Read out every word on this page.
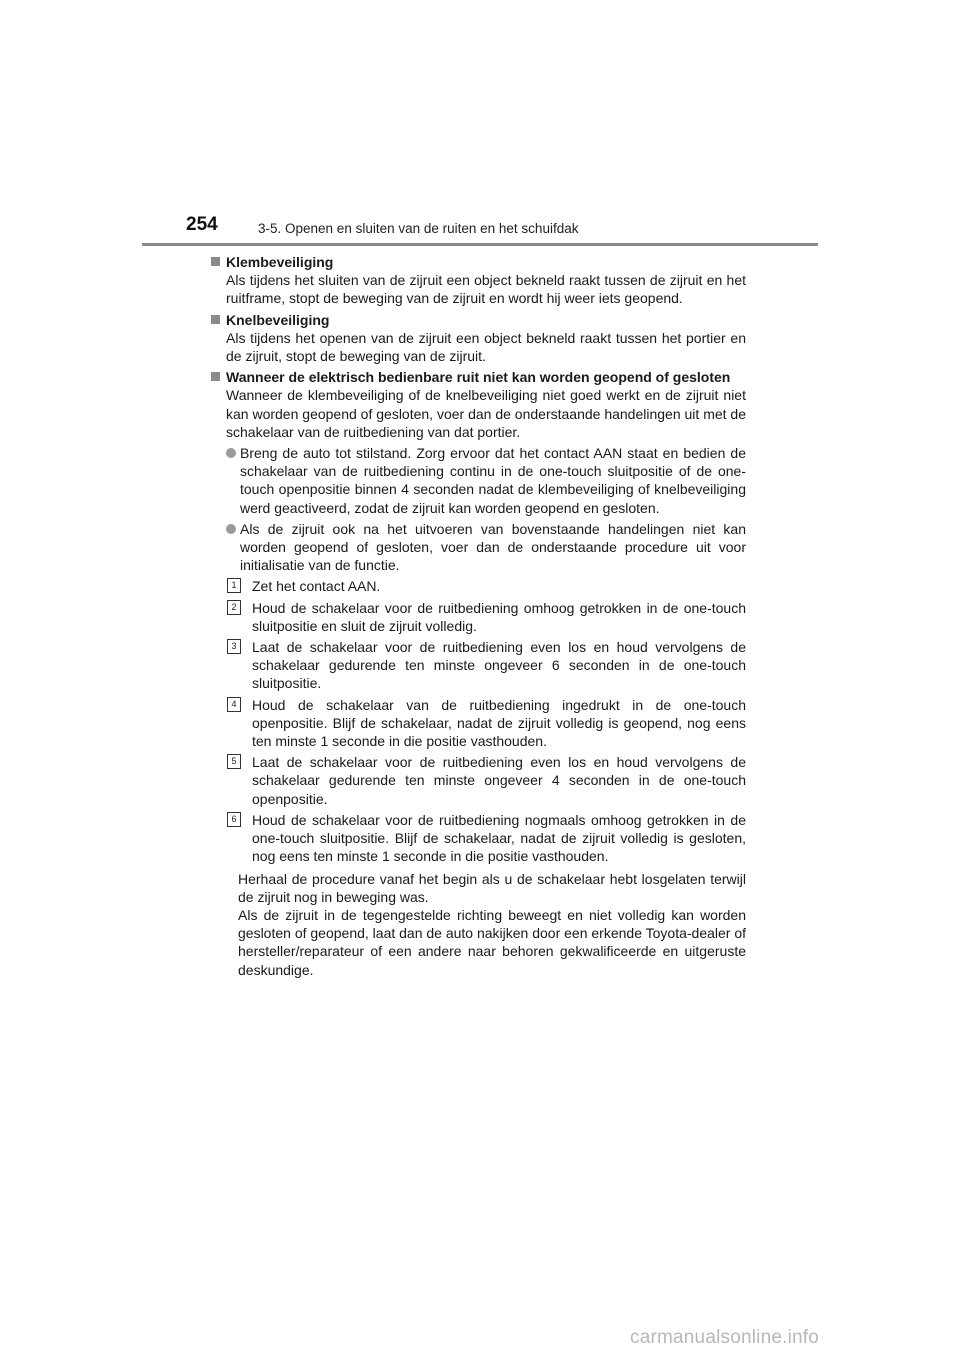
254	3-5. Openen en sluiten van de ruiten en het schuifdak
Klembeveiliging
Als tijdens het sluiten van de zijruit een object bekneld raakt tussen de zijruit en het ruitframe, stopt de beweging van de zijruit en wordt hij weer iets geopend.
Knelbeveiliging
Als tijdens het openen van de zijruit een object bekneld raakt tussen het portier en de zijruit, stopt de beweging van de zijruit.
Wanneer de elektrisch bedienbare ruit niet kan worden geopend of gesloten
Wanneer de klembeveiliging of de knelbeveiliging niet goed werkt en de zijruit niet kan worden geopend of gesloten, voer dan de onderstaande handelingen uit met de schakelaar van de ruitbediening van dat portier.
Breng de auto tot stilstand. Zorg ervoor dat het contact AAN staat en bedien de schakelaar van de ruitbediening continu in de one-touch sluitpositie of de one-touch openpositie binnen 4 seconden nadat de klembeveiliging of knelbeveiliging werd geactiveerd, zodat de zijruit kan worden geopend en gesloten.
Als de zijruit ook na het uitvoeren van bovenstaande handelingen niet kan worden geopend of gesloten, voer dan de onderstaande procedure uit voor initialisatie van de functie.
1	Zet het contact AAN.
2	Houd de schakelaar voor de ruitbediening omhoog getrokken in de one-touch sluitpositie en sluit de zijruit volledig.
3	Laat de schakelaar voor de ruitbediening even los en houd vervolgens de schakelaar gedurende ten minste ongeveer 6 seconden in de one-touch sluitpositie.
4	Houd de schakelaar van de ruitbediening ingedrukt in de one-touch openpositie. Blijf de schakelaar, nadat de zijruit volledig is geopend, nog eens ten minste 1 seconde in die positie vasthouden.
5	Laat de schakelaar voor de ruitbediening even los en houd vervolgens de schakelaar gedurende ten minste ongeveer 4 seconden in de one-touch openpositie.
6	Houd de schakelaar voor de ruitbediening nogmaals omhoog getrokken in de one-touch sluitpositie. Blijf de schakelaar, nadat de zijruit volledig is gesloten, nog eens ten minste 1 seconde in die positie vasthouden.

Herhaal de procedure vanaf het begin als u de schakelaar hebt losgelaten terwijl de zijruit nog in beweging was.

Als de zijruit in de tegengestelde richting beweegt en niet volledig kan worden gesloten of geopend, laat dan de auto nakijken door een erkende Toyota-dealer of hersteller/reparateur of een andere naar behoren gekwalificeerde en uitgeruste deskundige.

carmanualsonline.info
